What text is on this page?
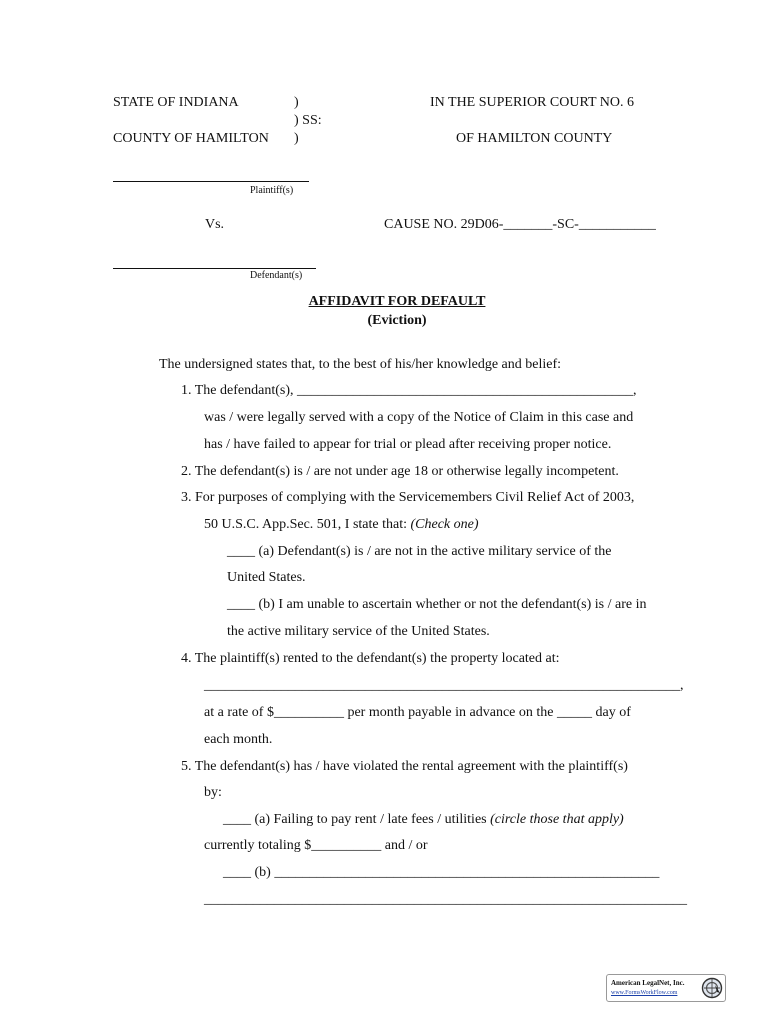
STATE OF INDIANA	)
) SS:
COUNTY OF HAMILTON )
IN THE SUPERIOR COURT NO. 6
OF HAMILTON COUNTY
Plaintiff(s)
Vs.	CAUSE NO. 29D06-_______-SC-___________
Defendant(s)
AFFIDAVIT FOR DEFAULT
(Eviction)
The undersigned states that, to the best of his/her knowledge and belief:
1. The defendant(s), ________________________________________________,
was / were legally served with a copy of the Notice of Claim in this case and
has / have failed to appear for trial or plead after receiving proper notice.
2. The defendant(s) is / are not under age 18 or otherwise legally incompetent.
3. For purposes of complying with the Servicemembers Civil Relief Act of 2003,
50 U.S.C. App.Sec. 501, I state that: (Check one)
____ (a) Defendant(s) is / are not in the active military service of the
United States.
____ (b) I am unable to ascertain whether or not the defendant(s) is / are in
the active military service of the United States.
4. The plaintiff(s) rented to the defendant(s) the property located at:
____________________________________________________________________,
at a rate of $__________ per month payable in advance on the _____ day of
each month.
5. The defendant(s) has / have violated the rental agreement with the plaintiff(s)
by:
____ (a) Failing to pay rent / late fees / utilities (circle those that apply)
currently totaling $__________ and / or
____ (b) _______________________________________________________
_____________________________________________________________________
American LegalNet, Inc.
www.FormsWorkFlow.com
